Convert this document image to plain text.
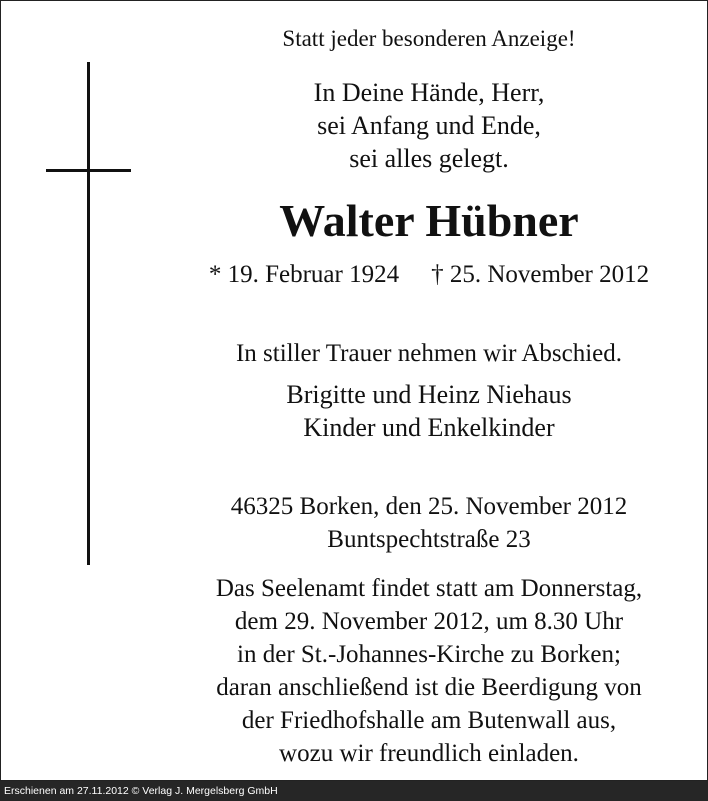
Statt jeder besonderen Anzeige!
In Deine Hände, Herr,
sei Anfang und Ende,
sei alles gelegt.
Walter Hübner
* 19. Februar 1924 † 25. November 2012
In stiller Trauer nehmen wir Abschied.
Brigitte und Heinz Niehaus
Kinder und Enkelkinder
46325 Borken, den 25. November 2012
Buntspechtstraße 23
Das Seelenamt findet statt am Donnerstag,
dem 29. November 2012, um 8.30 Uhr
in der St.-Johannes-Kirche zu Borken;
daran anschließend ist die Beerdigung von
der Friedhofshalle am Butenwall aus,
wozu wir freundlich einladen.
Erschienen am 27.11.2012 © Verlag J. Mergelsberg GmbH
